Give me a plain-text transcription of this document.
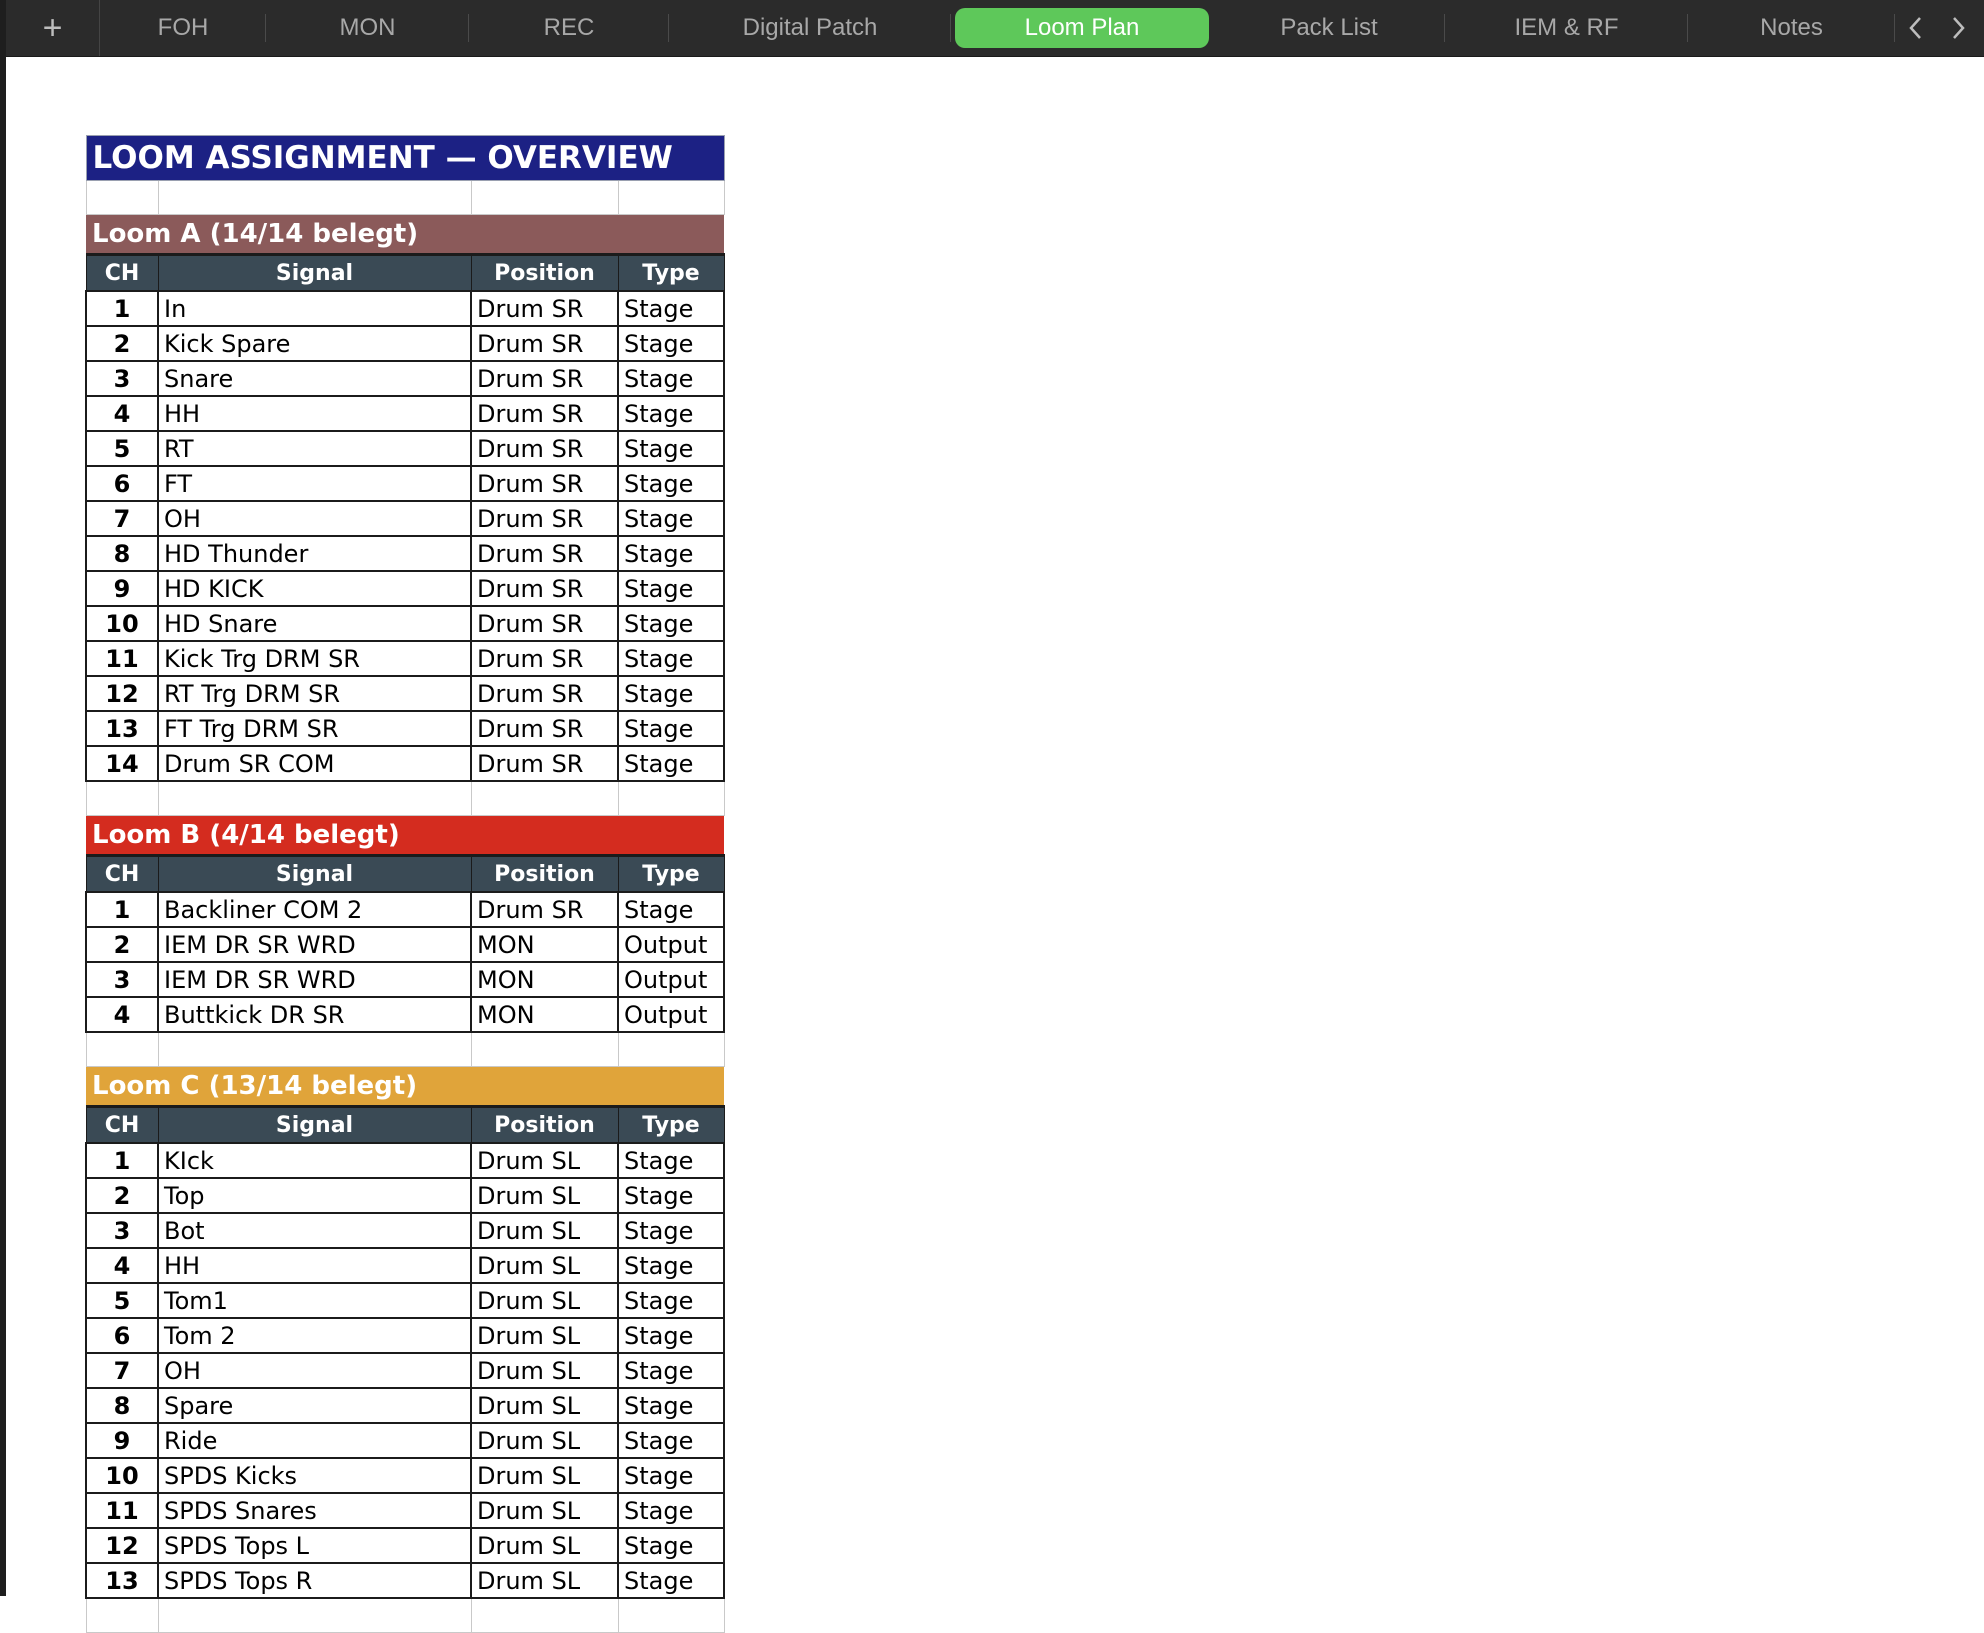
+	FOH	MON	REC	Digital Patch	Loom Plan	Pack List	IEM & RF	Notes
LOOM ASSIGNMENT — OVERVIEW			

Loom A (14/14 belegt)			
CH	Signal	Position	Type
1	In	Drum SR	Stage
2	Kick Spare	Drum SR	Stage
3	Snare	Drum SR	Stage
4	HH	Drum SR	Stage
5	RT	Drum SR	Stage
6	FT	Drum SR	Stage
7	OH	Drum SR	Stage
8	HD Thunder	Drum SR	Stage
9	HD KICK	Drum SR	Stage
10	HD Snare	Drum SR	Stage
11	Kick Trg DRM SR	Drum SR	Stage
12	RT Trg DRM SR	Drum SR	Stage
13	FT Trg DRM SR	Drum SR	Stage
14	Drum SR COM	Drum SR	Stage

Loom B (4/14 belegt)			
CH	Signal	Position	Type
1	Backliner COM 2	Drum SR	Stage
2	IEM DR SR WRD	MON	Output
3	IEM DR SR WRD	MON	Output
4	Buttkick DR SR	MON	Output

Loom C (13/14 belegt)			
CH	Signal	Position	Type
1	KIck	Drum SL	Stage
2	Top	Drum SL	Stage
3	Bot	Drum SL	Stage
4	HH	Drum SL	Stage
5	Tom1	Drum SL	Stage
6	Tom 2	Drum SL	Stage
7	OH	Drum SL	Stage
8	Spare	Drum SL	Stage
9	Ride	Drum SL	Stage
10	SPDS Kicks	Drum SL	Stage
11	SPDS Snares	Drum SL	Stage
12	SPDS Tops L	Drum SL	Stage
13	SPDS Tops R	Drum SL	Stage
